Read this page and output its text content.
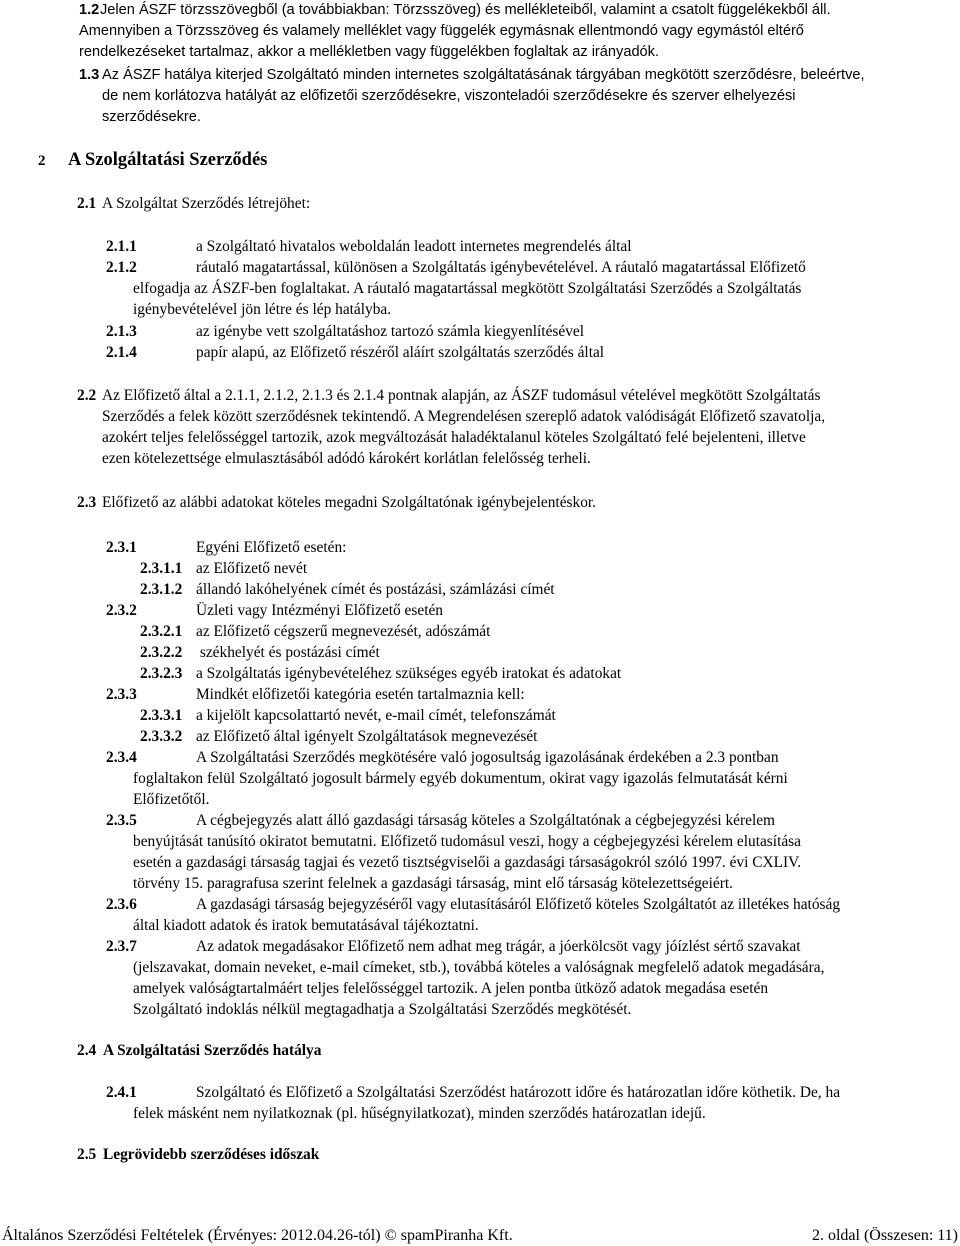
1.2 Jelen ÁSZF törzsszövegből (a továbbiakban: Törzsszöveg) és mellékleteiből, valamint a csatolt függelékekből áll.
Amennyiben a Törzsszöveg és valamely melléklet vagy függelék egymásnak ellentmondó vagy egymástól eltérő
rendelkezéseket tartalmaz, akkor a mellékletben vagy függelékben foglaltak az irányadók.
1.3 Az ÁSZF hatálya kiterjed Szolgáltató minden internetes szolgáltatásának tárgyában megkötött szerződésre, beleértve,
de nem korlátozva hatályát az előfizetői szerződésekre, viszonteladói szerződésekre és szerver elhelyezési
szerződésekre.
2 A Szolgáltatási Szerződés
2.1 A Szolgáltat Szerződés létrejöhet:
2.1.1	a Szolgáltató hivatalos weboldalán leadott internetes megrendelés által
2.1.2	ráutaló magatartással, különösen a Szolgáltatás igénybevételével. A ráutaló magatartással Előfizető
elfogadja az ÁSZF-ben foglaltakat. A ráutaló magatartással megkötött Szolgáltatási Szerződés a Szolgáltatás
igénybevételével jön létre és lép hatályba.
2.1.3	az igénybe vett szolgáltatáshoz tartozó számla kiegyenlítésével
2.1.4	papír alapú, az Előfizető részéről aláírt szolgáltatás szerződés által
2.2 Az Előfizető által a 2.1.1, 2.1.2, 2.1.3 és 2.1.4 pontnak alapján, az ÁSZF tudomásul vételével megkötött Szolgáltatás
Szerződés a felek között szerződésnek tekintendő. A Megrendelésen szereplő adatok valódiságát Előfizető szavatolja,
azokért teljes felelősséggel tartozik, azok megváltozását haladéktalanul köteles Szolgáltató felé bejelenteni, illetve
ezen kötelezettsége elmulasztásából adódó károkért korlátlan felelősség terheli.
2.3 Előfizető az alábbi adatokat köteles megadni Szolgáltatónak igénybejelentéskor.
2.3.1	Egyéni Előfizető esetén:
2.3.1.1 az Előfizető nevét
2.3.1.2 állandó lakóhelyének címét és postázási, számlázási címét
2.3.2	Üzleti vagy Intézményi Előfizető esetén
2.3.2.1 az Előfizető cégszerű megnevezését, adószámát
2.3.2.2 székhelyét és postázási címét
2.3.2.3 a Szolgáltatás igénybevételéhez szükséges egyéb iratokat és adatokat
2.3.3	Mindkét előfizetői kategória esetén tartalmaznia kell:
2.3.3.1 a kijelölt kapcsolattartó nevét, e-mail címét, telefonszámát
2.3.3.2 az Előfizető által igényelt Szolgáltatások megnevezését
2.3.4	A Szolgáltatási Szerződés megkötésére való jogosultság igazolásának érdekében a 2.3 pontban
foglaltakon felül Szolgáltató jogosult bármely egyéb dokumentum, okirat vagy igazolás felmutatását kérni
Előfizetőtől.
2.3.5	A cégbejegyzés alatt álló gazdasági társaság köteles a Szolgáltatónak a cégbejegyzési kérelem
benyújtását tanúsító okiratot bemutatni. Előfizető tudomásul veszi, hogy a cégbejegyzési kérelem elutasítása
esetén a gazdasági társaság tagjai és vezető tisztségviselői a gazdasági társaságokról szóló 1997. évi CXLIV.
törvény 15. paragrafusa szerint felelnek a gazdasági társaság, mint elő társaság kötelezettségeiért.
2.3.6	A gazdasági társaság bejegyzéséről vagy elutasításáról Előfizető köteles Szolgáltatót az illetékes hatóság
által kiadott adatok és iratok bemutatásával tájékoztatni.
2.3.7	Az adatok megadásakor Előfizető nem adhat meg trágár, a jóerkölcsöt vagy jóízlést sértő szavakat
(jelszavakat, domain neveket, e-mail címeket, stb.), továbbá köteles a valóságnak megfelelő adatok megadására,
amelyek valóságtartalmáért teljes felelősséggel tartozik. A jelen pontba ütköző adatok megadása esetén
Szolgáltató indoklás nélkül megtagadhatja a Szolgáltatási Szerződés megkötését.
2.4 A Szolgáltatási Szerződés hatálya
2.4.1	Szolgáltató és Előfizető a Szolgáltatási Szerződést határozott időre és határozatlan időre köthetik. De, ha
felek másként nem nyilatkoznak (pl. hűségnyilatkozat), minden szerződés határozatlan idejű.
2.5 Legrövidebb szerződéses időszak
Általános Szerződési Feltételek (Érvényes: 2012.04.26-tól) © spamPiranha Kft.	2. oldal (Összesen: 11)
